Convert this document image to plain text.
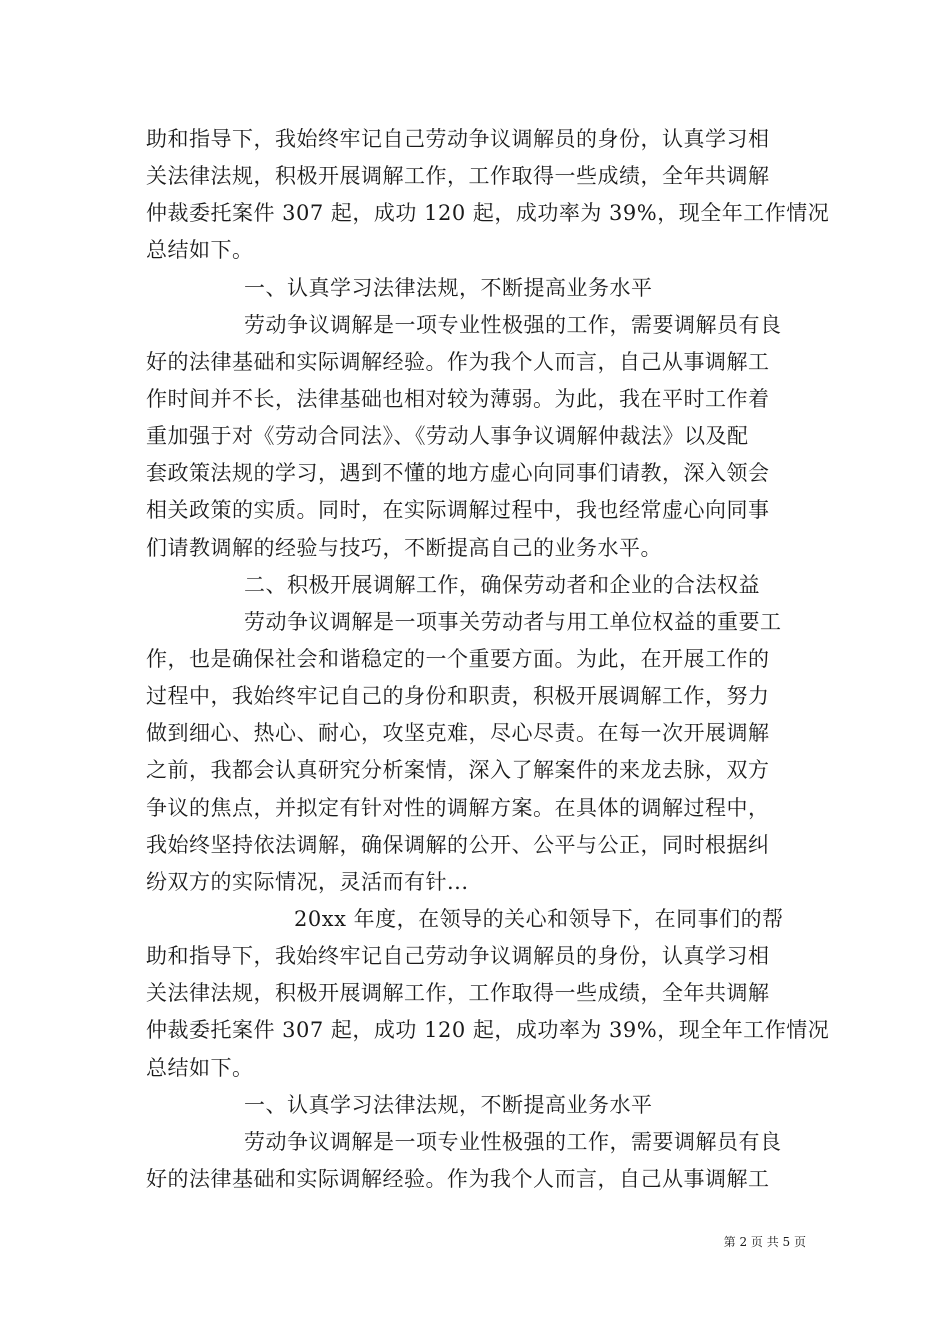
助和指导下，我始终牢记自己劳动争议调解员的身份，认真学习相
关法律法规，积极开展调解工作，工作取得一些成绩，全年共调解
仲裁委托案件 307 起，成功 120 起，成功率为 39%，现全年工作情况
总结如下。
一、认真学习法律法规，不断提高业务水平
劳动争议调解是一项专业性极强的工作，需要调解员有良
好的法律基础和实际调解经验。作为我个人而言，自己从事调解工
作时间并不长，法律基础也相对较为薄弱。为此，我在平时工作着
重加强于对《劳动合同法》、《劳动人事争议调解仲裁法》以及配
套政策法规的学习，遇到不懂的地方虚心向同事们请教，深入领会
相关政策的实质。同时，在实际调解过程中，我也经常虚心向同事
们请教调解的经验与技巧，不断提高自己的业务水平。
二、积极开展调解工作，确保劳动者和企业的合法权益
劳动争议调解是一项事关劳动者与用工单位权益的重要工
作，也是确保社会和谐稳定的一个重要方面。为此，在开展工作的
过程中，我始终牢记自己的身份和职责，积极开展调解工作，努力
做到细心、热心、耐心，攻坚克难，尽心尽责。在每一次开展调解
之前，我都会认真研究分析案情，深入了解案件的来龙去脉，双方
争议的焦点，并拟定有针对性的调解方案。在具体的调解过程中，
我始终坚持依法调解，确保调解的公开、公平与公正，同时根据纠
纷双方的实际情况，灵活而有针...
20xx 年度，在领导的关心和领导下，在同事们的帮
助和指导下，我始终牢记自己劳动争议调解员的身份，认真学习相
关法律法规，积极开展调解工作，工作取得一些成绩，全年共调解
仲裁委托案件 307 起，成功 120 起，成功率为 39%，现全年工作情况
总结如下。
一、认真学习法律法规，不断提高业务水平
劳动争议调解是一项专业性极强的工作，需要调解员有良
好的法律基础和实际调解经验。作为我个人而言，自己从事调解工
第 2 页 共 5 页
